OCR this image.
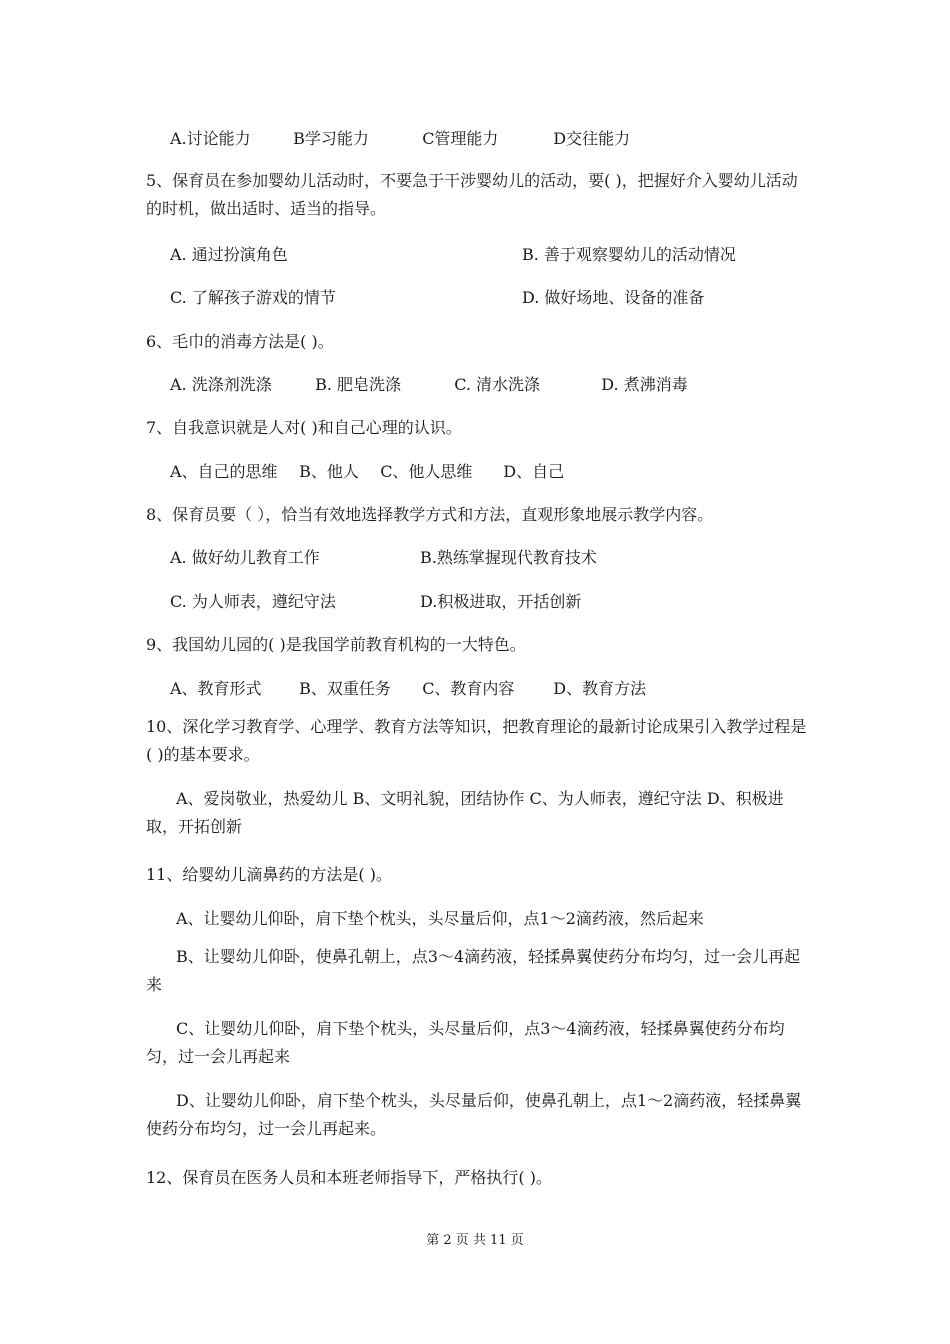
A.讨论能力	B学习能力	C管理能力	D交往能力
5、保育员在参加婴幼儿活动时，不要急于干涉婴幼儿的活动，要( )，把握好介入婴幼儿活动的时机，做出适时、适当的指导。
A. 通过扮演角色	B. 善于观察婴幼儿的活动情况
C. 了解孩子游戏的情节	D. 做好场地、设备的准备
6、毛巾的消毒方法是( )。
A. 洗涤剂洗涤	B. 肥皂洗涤	C. 清水洗涤	D. 煮沸消毒
7、自我意识就是人对( )和自己心理的认识。
A、自己的思维 B、他人 C、他人思维 D、自己
8、保育员要（ ），恰当有效地选择教学方式和方法，直观形象地展示教学内容。
A. 做好幼儿教育工作	B.熟练掌握现代教育技术
C. 为人师表，遵纪守法	D.积极进取，开括创新
9、我国幼儿园的( )是我国学前教育机构的一大特色。
A、教育形式 B、双重任务 C、教育内容 D、教育方法
10、深化学习教育学、心理学、教育方法等知识，把教育理论的最新讨论成果引入教学过程是( )的基本要求。
A、爱岗敬业，热爱幼儿 B、文明礼貌，团结协作 C、为人师表，遵纪守法 D、积极进取，开拓创新
11、给婴幼儿滴鼻药的方法是( )。
A、让婴幼儿仰卧，肩下垫个枕头，头尽量后仰，点1～2滴药液，然后起来
B、让婴幼儿仰卧，使鼻孔朝上，点3～4滴药液，轻揉鼻翼使药分布均匀，过一会儿再起来
C、让婴幼儿仰卧，肩下垫个枕头，头尽量后仰，点3～4滴药液，轻揉鼻翼使药分布均匀，过一会儿再起来
D、让婴幼儿仰卧，肩下垫个枕头，头尽量后仰，使鼻孔朝上，点1～2滴药液，轻揉鼻翼使药分布均匀，过一会儿再起来。
12、保育员在医务人员和本班老师指导下，严格执行( )。
第 2 页 共 11 页
